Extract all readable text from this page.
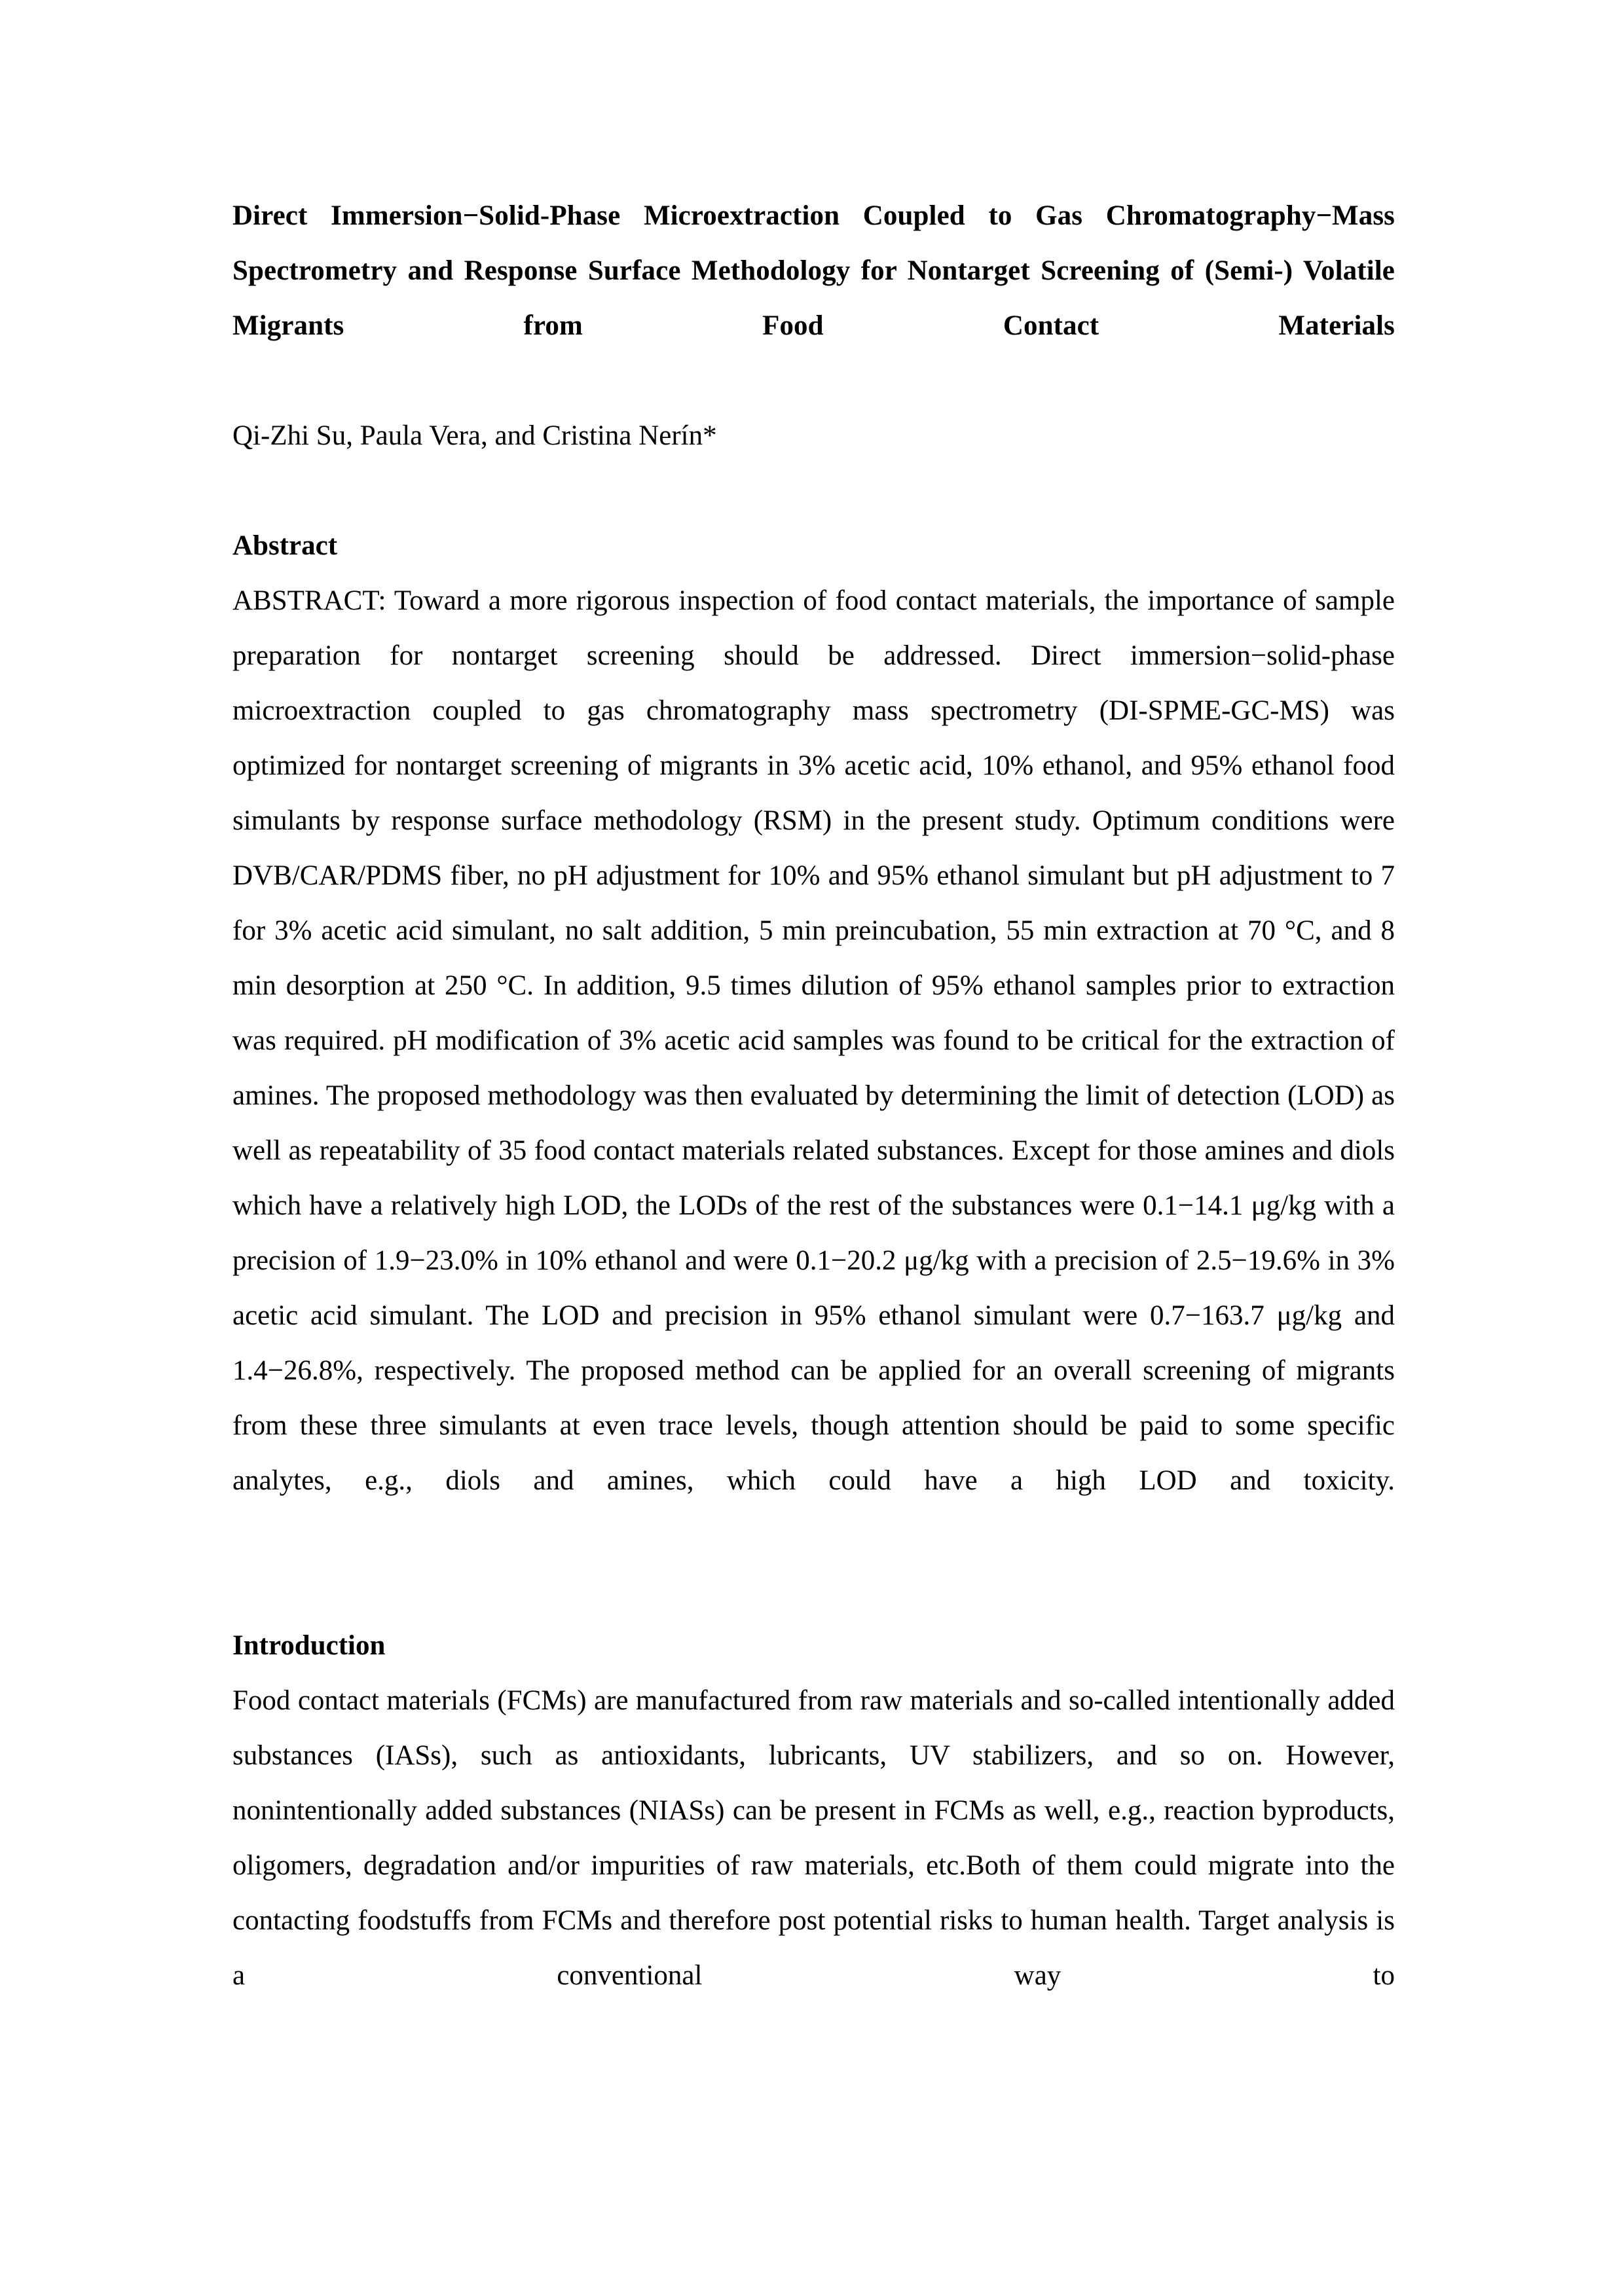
Direct Immersion−Solid-Phase Microextraction Coupled to Gas Chromatography−Mass Spectrometry and Response Surface Methodology for Nontarget Screening of (Semi-) Volatile Migrants from Food Contact Materials

Qi-Zhi Su, Paula Vera, and Cristina Nerín*

Abstract

ABSTRACT: Toward a more rigorous inspection of food contact materials, the importance of sample preparation for nontarget screening should be addressed. Direct immersion−solid-phase microextraction coupled to gas chromatography mass spectrometry (DI-SPME-GC-MS) was optimized for nontarget screening of migrants in 3% acetic acid, 10% ethanol, and 95% ethanol food simulants by response surface methodology (RSM) in the present study. Optimum conditions were DVB/CAR/PDMS fiber, no pH adjustment for 10% and 95% ethanol simulant but pH adjustment to 7 for 3% acetic acid simulant, no salt addition, 5 min preincubation, 55 min extraction at 70 °C, and 8 min desorption at 250 °C. In addition, 9.5 times dilution of 95% ethanol samples prior to extraction was required. pH modification of 3% acetic acid samples was found to be critical for the extraction of amines. The proposed methodology was then evaluated by determining the limit of detection (LOD) as well as repeatability of 35 food contact materials related substances. Except for those amines and diols which have a relatively high LOD, the LODs of the rest of the substances were 0.1−14.1 μg/kg with a precision of 1.9−23.0% in 10% ethanol and were 0.1−20.2 μg/kg with a precision of 2.5−19.6% in 3% acetic acid simulant. The LOD and precision in 95% ethanol simulant were 0.7−163.7 μg/kg and 1.4−26.8%, respectively. The proposed method can be applied for an overall screening of migrants from these three simulants at even trace levels, though attention should be paid to some specific analytes, e.g., diols and amines, which could have a high LOD and toxicity.

Introduction

Food contact materials (FCMs) are manufactured from raw materials and so-called intentionally added substances (IASs), such as antioxidants, lubricants, UV stabilizers, and so on. However, nonintentionally added substances (NIASs) can be present in FCMs as well, e.g., reaction byproducts, oligomers, degradation and/or impurities of raw materials, etc.Both of them could migrate into the contacting foodstuffs from FCMs and therefore post potential risks to human health. Target analysis is a conventional way to
